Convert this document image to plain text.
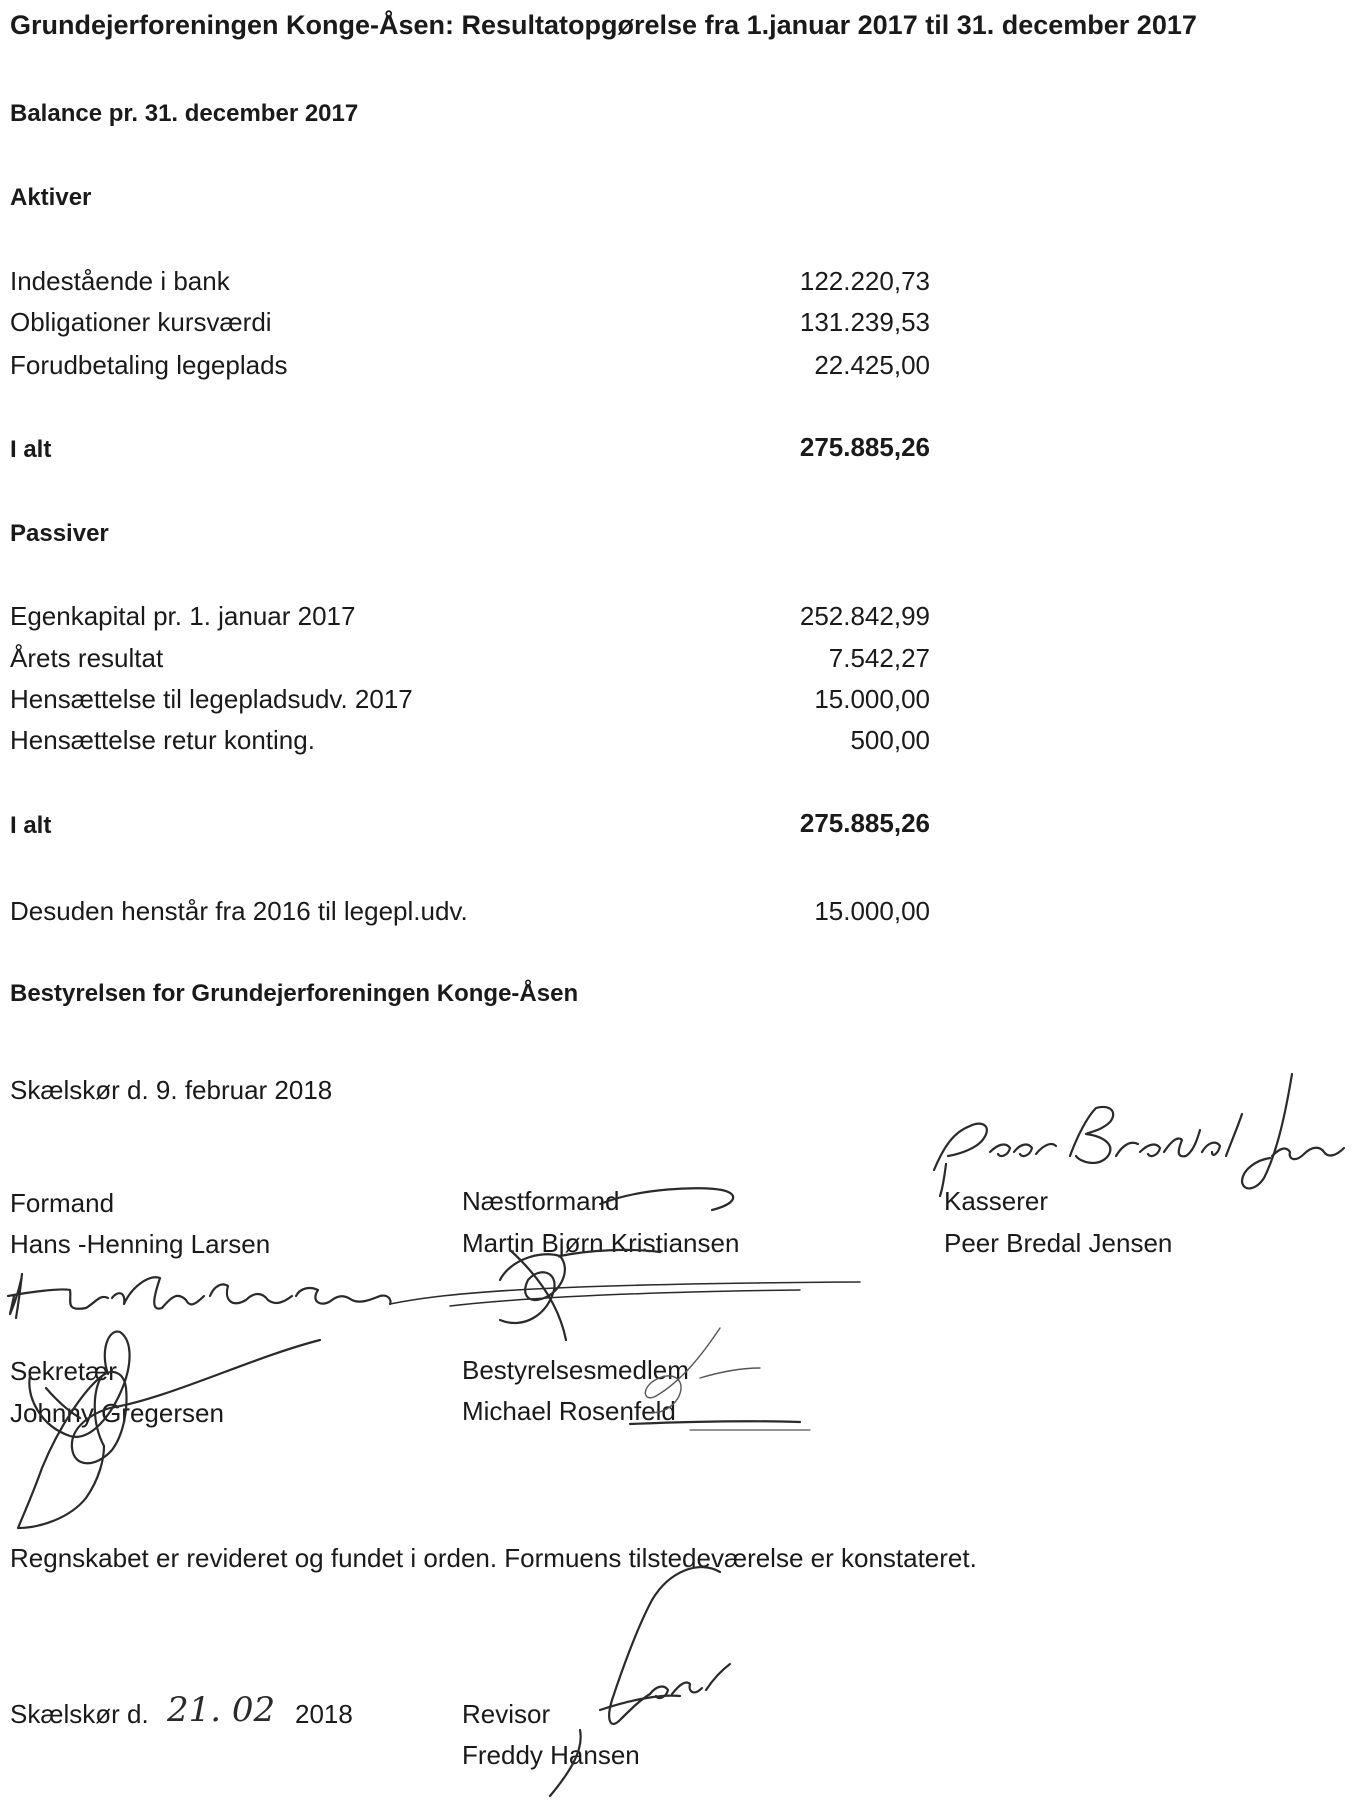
Grundejerforeningen Konge-Åsen: Resultatopgørelse fra 1.januar 2017 til 31. december 2017
Balance pr. 31. december 2017
Aktiver
Indestående i bank	122.220,73
Obligationer kursværdi	131.239,53
Forudbetaling legeplads	22.425,00
I alt	275.885,26
Passiver
Egenkapital pr. 1. januar 2017	252.842,99
Årets resultat	7.542,27
Hensættelse til legepladsudv. 2017	15.000,00
Hensættelse retur konting.	500,00
I alt	275.885,26
Desuden henstår fra 2016 til legepl.udv.	15.000,00
Bestyrelsen for Grundejerforeningen Konge-Åsen
Skælskør d. 9. februar 2018
Formand
Hans -Henning Larsen
Næstformand
Martin Bjørn Kristiansen
Kasserer
Peer Bredal Jensen
Sekretær
Johnny Gregersen
Bestyrelsesmedlem
Michael Rosenfeld
Regnskabet er revideret og fundet i orden. Formuens tilstedeværelse er konstateret.
Skælskør d. 21. 02 2018	Revisor
Freddy Hansen
